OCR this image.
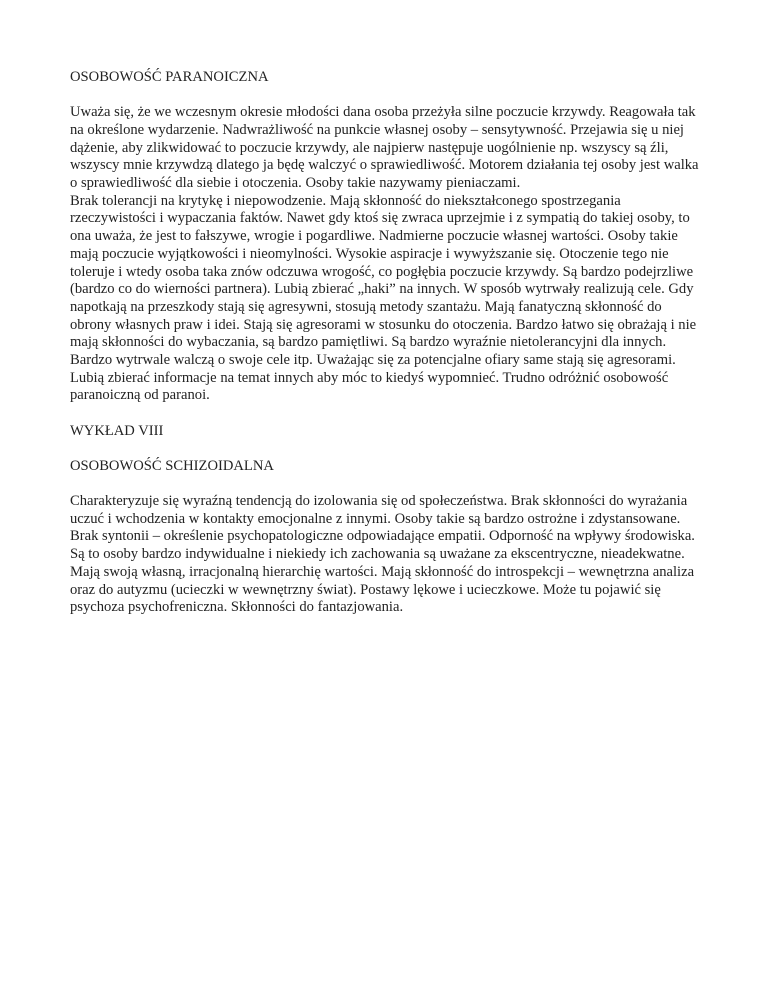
OSOBOWOŚĆ PARANOICZNA

Uważa się, że we wczesnym okresie młodości dana osoba przeżyła silne poczucie krzywdy. Reagowała tak na określone wydarzenie. Nadwrażliwość na punkcie własnej osoby – sensytywność. Przejawia się u niej dążenie, aby zlikwidować to poczucie krzywdy, ale najpierw następuje uogólnienie np. wszyscy są źli, wszyscy mnie krzywdzą dlatego ja będę walczyć o sprawiedliwość. Motorem działania tej osoby jest walka o sprawiedliwość dla siebie i otoczenia. Osoby takie nazywamy pieniaczami.

Brak tolerancji na krytykę i niepowodzenie. Mają skłonność do niekształconego spostrzegania rzeczywistości i wypaczania faktów. Nawet gdy ktoś się zwraca uprzejmie i z sympatią do takiej osoby, to ona uważa, że jest to fałszywe, wrogie i pogardliwe. Nadmierne poczucie własnej wartości. Osoby takie mają poczucie wyjątkowości i nieomylności. Wysokie aspiracje i wywyższanie się. Otoczenie tego nie toleruje i wtedy osoba taka znów odczuwa wrogość, co pogłębia poczucie krzywdy. Są bardzo podejrzliwe (bardzo co do wierności partnera). Lubią zbierać „haki” na innych. W sposób wytrwały realizują cele. Gdy napotkają na przeszkody stają się agresywni, stosują metody szantażu. Mają fanatyczną skłonność do obrony własnych praw i idei. Stają się agresorami w stosunku do otoczenia. Bardzo łatwo się obrażają i nie mają skłonności do wybaczania, są bardzo pamiętliwi. Są bardzo wyraźnie nietolerancyjni dla innych. Bardzo wytrwale walczą o swoje cele itp. Uważając się za potencjalne ofiary same stają się agresorami. Lubią zbierać informacje na temat innych aby móc to kiedyś wypomnieć. Trudno odróżnić osobowość paranoiczną od paranoi.

WYKŁAD VIII

OSOBOWOŚĆ SCHIZOIDALNA

Charakteryzuje się wyraźną tendencją do izolowania się od społeczeństwa. Brak skłonności do wyrażania uczuć i wchodzenia w kontakty emocjonalne z innymi. Osoby takie są bardzo ostrożne i zdystansowane.

Brak syntonii – określenie psychopatologiczne odpowiadające empatii. Odporność na wpływy środowiska. Są to osoby bardzo indywidualne i niekiedy ich zachowania są uważane za ekscentryczne, nieadekwatne. Mają swoją własną, irracjonalną hierarchię wartości. Mają skłonność do introspekcji – wewnętrzna analiza oraz do autyzmu (ucieczki w wewnętrzny świat). Postawy lękowe i ucieczkowe. Może tu pojawić się psychoza psychofreniczna. Skłonności do fantazjowania.
